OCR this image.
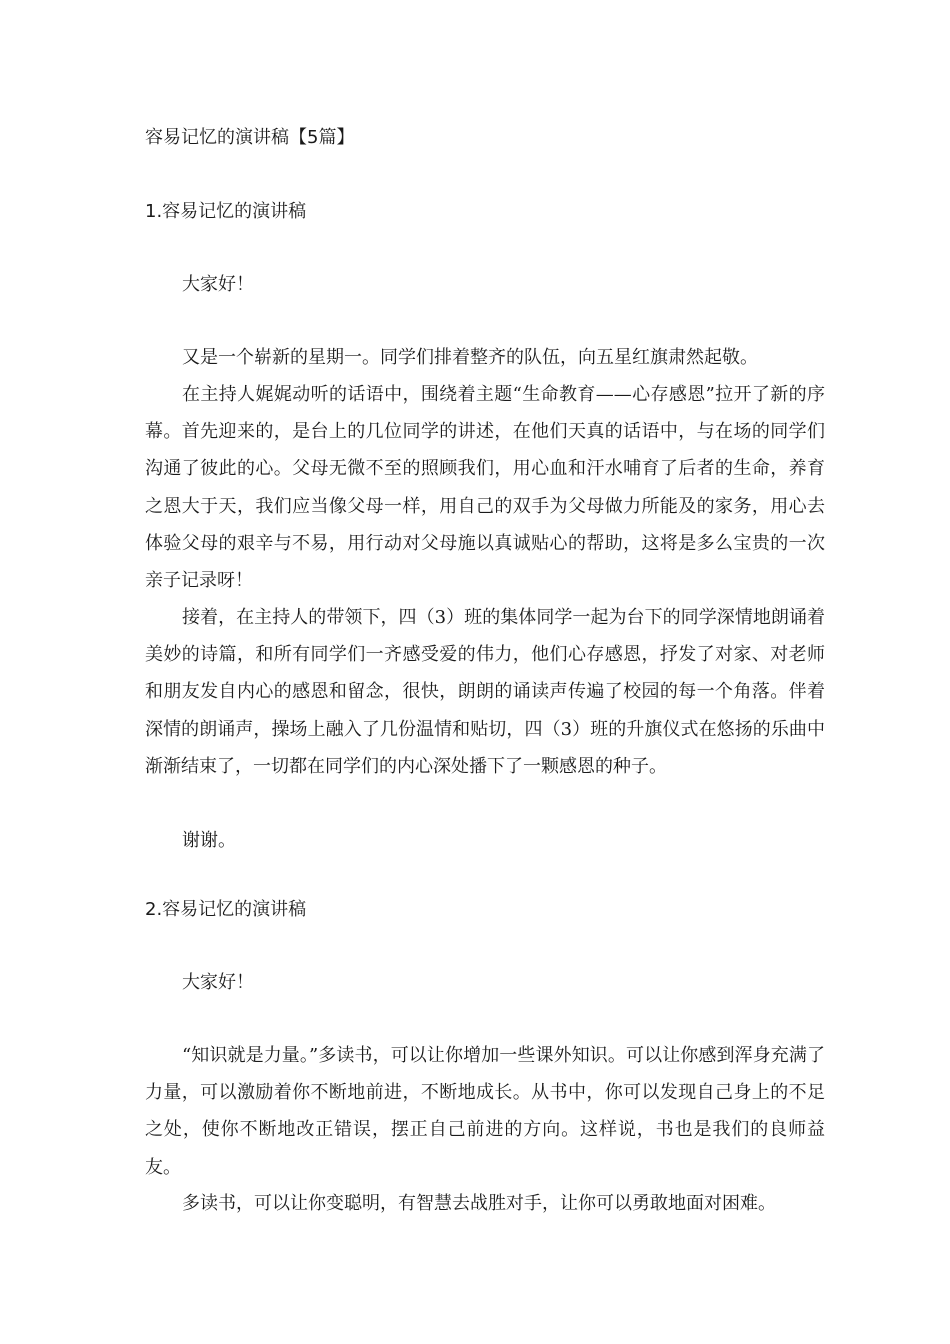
容易记忆的演讲稿【5篇】
1.容易记忆的演讲稿
大家好！

又是一个崭新的星期一。同学们排着整齐的队伍，向五星红旗肃然起敬。

在主持人娓娓动听的话语中，围绕着主题“生命教育——心存感恩”拉开了新的序幕。首先迎来的，是台上的几位同学的讲述，在他们天真的话语中，与在场的同学们沟通了彼此的心。父母无微不至的照顾我们，用心血和汗水哺育了后者的生命，养育之恩大于天，我们应当像父母一样，用自己的双手为父母做力所能及的家务，用心去体验父母的艰辛与不易，用行动对父母施以真诚贴心的帮助，这将是多么宝贵的一次亲子记录呀！

接着，在主持人的带领下，四（3）班的集体同学一起为台下的同学深情地朗诵着美妙的诗篇，和所有同学们一齐感受爱的伟力，他们心存感恩，抒发了对家、对老师和朋友发自内心的感恩和留念，很快，朗朗的诵读声传遍了校园的每一个角落。伴着深情的朗诵声，操场上融入了几份温情和贴切，四（3）班的升旗仪式在悠扬的乐曲中渐渐结束了，一切都在同学们的内心深处播下了一颗感恩的种子。

谢谢。

2.容易记忆的演讲稿
大家好！

“知识就是力量。”多读书，可以让你增加一些课外知识。可以让你感到浑身充满了力量，可以激励着你不断地前进，不断地成长。从书中，你可以发现自己身上的不足之处，使你不断地改正错误，摆正自己前进的方向。这样说，书也是我们的良师益友。

多读书，可以让你变聪明，有智慧去战胜对手，让你可以勇敢地面对困难。
